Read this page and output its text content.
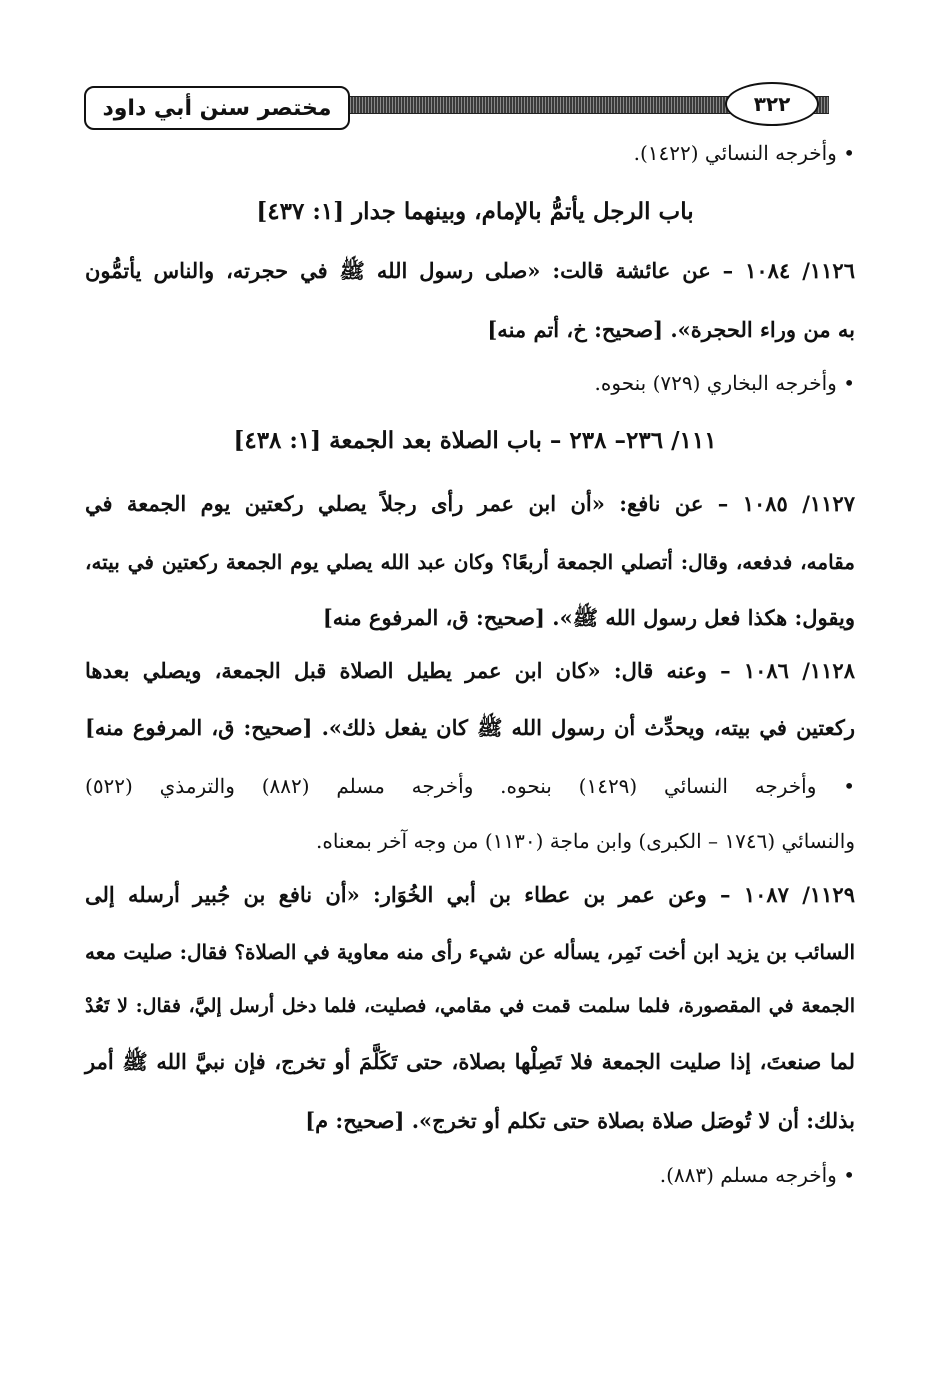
مختصر سنن أبي داود	٣٢٢
• وأخرجه النسائي (١٤٢٢).
باب الرجل يأتمُّ بالإمام، وبينهما جدار [١: ٤٣٧]
١١٢٦/ ١٠٨٤ – عن عائشة قالت: «صلى رسول الله ﷺ في حجرته، والناس يأتمُّون
به من وراء الحجرة». [صحيح: خ، أتم منه]
• وأخرجه البخاري (٧٢٩) بنحوه.
١١١/ ٢٣٦– ٢٣٨ – باب الصلاة بعد الجمعة [١: ٤٣٨]
١١٢٧/ ١٠٨٥ – عن نافع: «أن ابن عمر رأى رجلاً يصلي ركعتين يوم الجمعة في
مقامه، فدفعه، وقال: أتصلي الجمعة أربعًا؟ وكان عبد الله يصلي يوم الجمعة ركعتين في بيته،
ويقول: هكذا فعل رسول الله ﷺ». [صحيح: ق، المرفوع منه]
١١٢٨/ ١٠٨٦ – وعنه قال: «كان ابن عمر يطيل الصلاة قبل الجمعة، ويصلي بعدها
ركعتين في بيته، ويحدِّث أن رسول الله ﷺ كان يفعل ذلك». [صحيح: ق، المرفوع منه]
• وأخرجه النسائي (١٤٢٩) بنحوه. وأخرجه مسلم (٨٨٢) والترمذي (٥٢٢)
والنسائي (١٧٤٦ – الكبرى) وابن ماجة (١١٣٠) من وجه آخر بمعناه.
١١٢٩/ ١٠٨٧ – وعن عمر بن عطاء بن أبي الخُوَار: «أن نافع بن جُبير أرسله إلى
السائب بن يزيد ابن أخت نَمِر، يسأله عن شيء رأى منه معاوية في الصلاة؟ فقال: صليت معه
الجمعة في المقصورة، فلما سلمت قمت في مقامي، فصليت، فلما دخل أرسل إليَّ، فقال: لا تَعُدْ
لما صنعتَ، إذا صليت الجمعة فلا تَصِلْها بصلاة، حتى تَكَلَّمَ أو تخرج، فإن نبيَّ الله ﷺ أمر
بذلك: أن لا تُوصَل صلاة بصلاة حتى تكلم أو تخرج». [صحيح: م]
• وأخرجه مسلم (٨٨٣).
